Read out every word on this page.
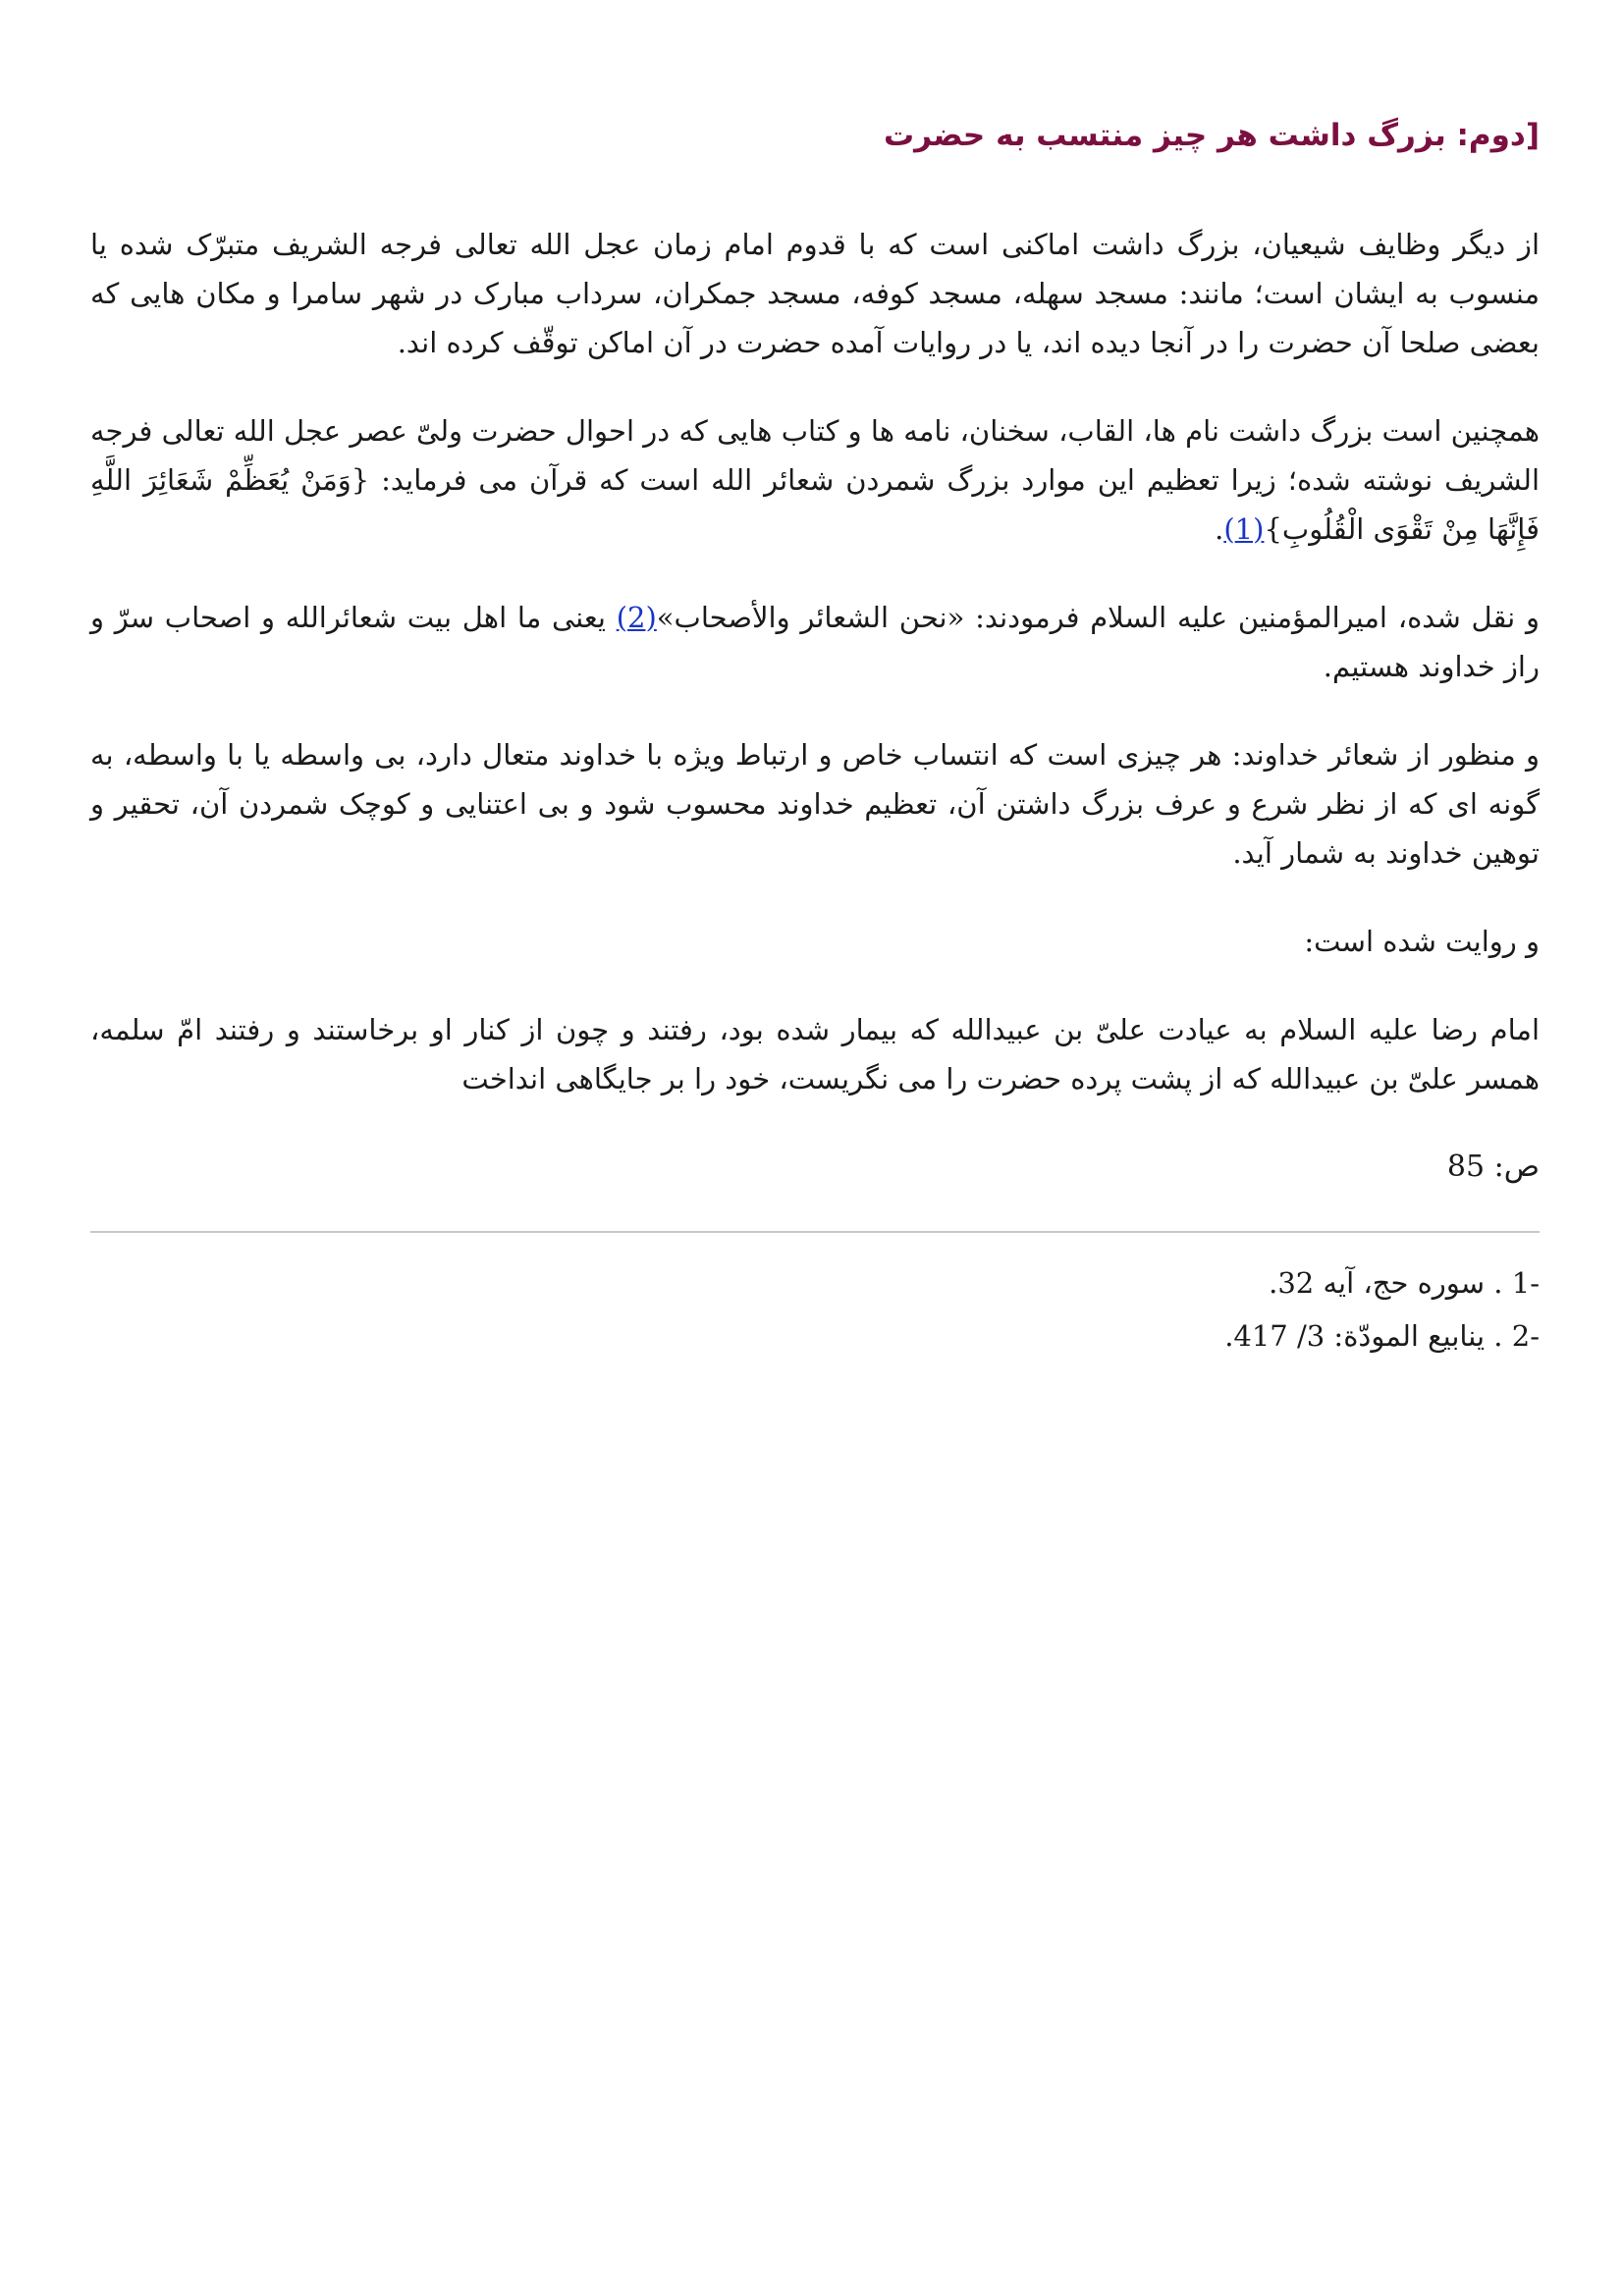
[دوم: بزرگ داشت هر چیز منتسب به حضرت

از دیگر وظایف شیعیان، بزرگ داشت اماکنی است که با قدوم امام زمان عجل الله تعالی فرجه الشریف متبرّک شده یا منسوب به ایشان است؛ مانند: مسجد سهله، مسجد کوفه، مسجد جمکران، سرداب مبارک در شهر سامرا و مکان هایی که بعضی صلحا آن حضرت را در آنجا دیده اند، یا در روایات آمده حضرت در آن اماکن توقّف کرده اند.

همچنین است بزرگ داشت نام ها، القاب، سخنان، نامه ها و کتاب هایی که در احوال حضرت ولیّ عصر عجل الله تعالی فرجه الشریف نوشته شده؛ زیرا تعظیم این موارد بزرگ شمردن شعائر الله است که قرآن می فرماید: {وَمَنْ يُعَظِّمْ شَعَائِرَ اللَّهِ فَإِنَّهَا مِنْ تَقْوَى الْقُلُوبِ}(1).

و نقل شده، امیرالمؤمنین علیه السلام فرمودند: «نحن الشعائر والأصحاب»(2) یعنی ما اهل بیت شعائرالله و اصحاب سرّ و راز خداوند هستیم.

و منظور از شعائر خداوند: هر چیزی است که انتساب خاص و ارتباط ویژه با خداوند متعال دارد، بی واسطه یا با واسطه، به گونه ای که از نظر شرع و عرف بزرگ داشتن آن، تعظیم خداوند محسوب شود و بی اعتنایی و کوچک شمردن آن، تحقیر و توهین خداوند به شمار آید.

و روایت شده است:

امام رضا علیه السلام به عیادت علیّ بن عبیدالله که بیمار شده بود، رفتند و چون از کنار او برخاستند و رفتند امّ سلمه، همسر علیّ بن عبیدالله که از پشت پرده حضرت را می نگریست، خود را بر جایگاهی انداخت

ص: 85
1- . سوره حج، آیه 32.
2- . ينابيع المودّة: 3/ 417.
